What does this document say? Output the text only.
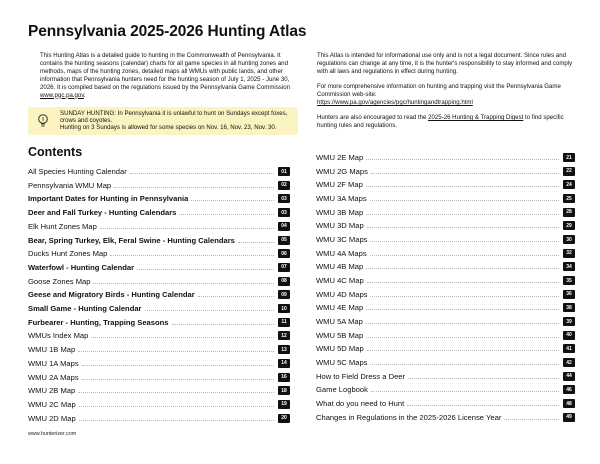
Pennsylvania 2025-2026 Hunting Atlas
This Hunting Atlas is a detailed guide to hunting in the Commonwealth of Pennsylvania. It contains the hunting seasons (calendar) charts for all game species in all hunting zones and methods, maps of the hunting zones, detailed maps all WMUs with public lands, and other information that Pennsylvania hunters need for the hunting season of July 1, 2025 - June 30, 2026. It is compiled based on the regulations issued by the Pennsylvania Game Commission www.pgc.pa.gov.
SUNDAY HUNTING: In Pennsylvania it is unlawful to hunt on Sundays except foxes, crows and coyotes.
Hunting on 3 Sundays is allowed for some species on Nov. 16, Nov. 23, Nov. 30.

This Atlas is intended for informational use only and is not a legal document. Since rules and regulations can change at any time, it is the hunter's responsibility to stay informed and comply with all laws and regulations in effect during hunting.

For more comprehensive information on hunting and trapping visit the Pennsylvania Game Commission web-site:
https://www.pa.gov/agencies/pgc/huntingandtrapping.html

Hunters are also encouraged to read the 2025-26 Hunting & Trapping Digest to find specific hunting rules and regulations.

Contents
All Species Hunting Calendar	01
Pennsylvania WMU Map	02
Important Dates for Hunting in Pennsylvania	03
Deer and Fall Turkey - Hunting Calendars	03
Elk Hunt Zones Map	04
Bear, Spring Turkey, Elk, Feral Swine - Hunting Calendars	05
Ducks Hunt Zones Map	06
Waterfowl - Hunting Calendar	07
Goose Zones Map	08
Geese and Migratory Birds - Hunting Calendar	09
Small Game - Hunting Calendar	10
Furbearer - Hunting, Trapping Seasons	11
WMUs Index Map	12
WMU 1B Map	13
WMU 1A Maps	14
WMU 2A Maps	16
WMU 2B Map	18
WMU 2C Map	19
WMU 2D Map	20
WMU 2E Map	21
WMU 2G Maps	22
WMU 2F Map	24
WMU 3A Maps	25
WMU 3B Map	28
WMU 3D Map	29
WMU 3C Maps	30
WMU 4A Maps	32
WMU 4B Map	34
WMU 4C Map	35
WMU 4D Maps	36
WMU 4E Map	38
WMU 5A Map	39
WMU 5B Map	40
WMU 5D Map	41
WMU 5C Maps	42
How to Field Dress a Deer	44
Game Logbook	46
What do you need to Hunt	48
Changes in Regulations in the 2025-2026 License Year	49
www.hunterizer.com
